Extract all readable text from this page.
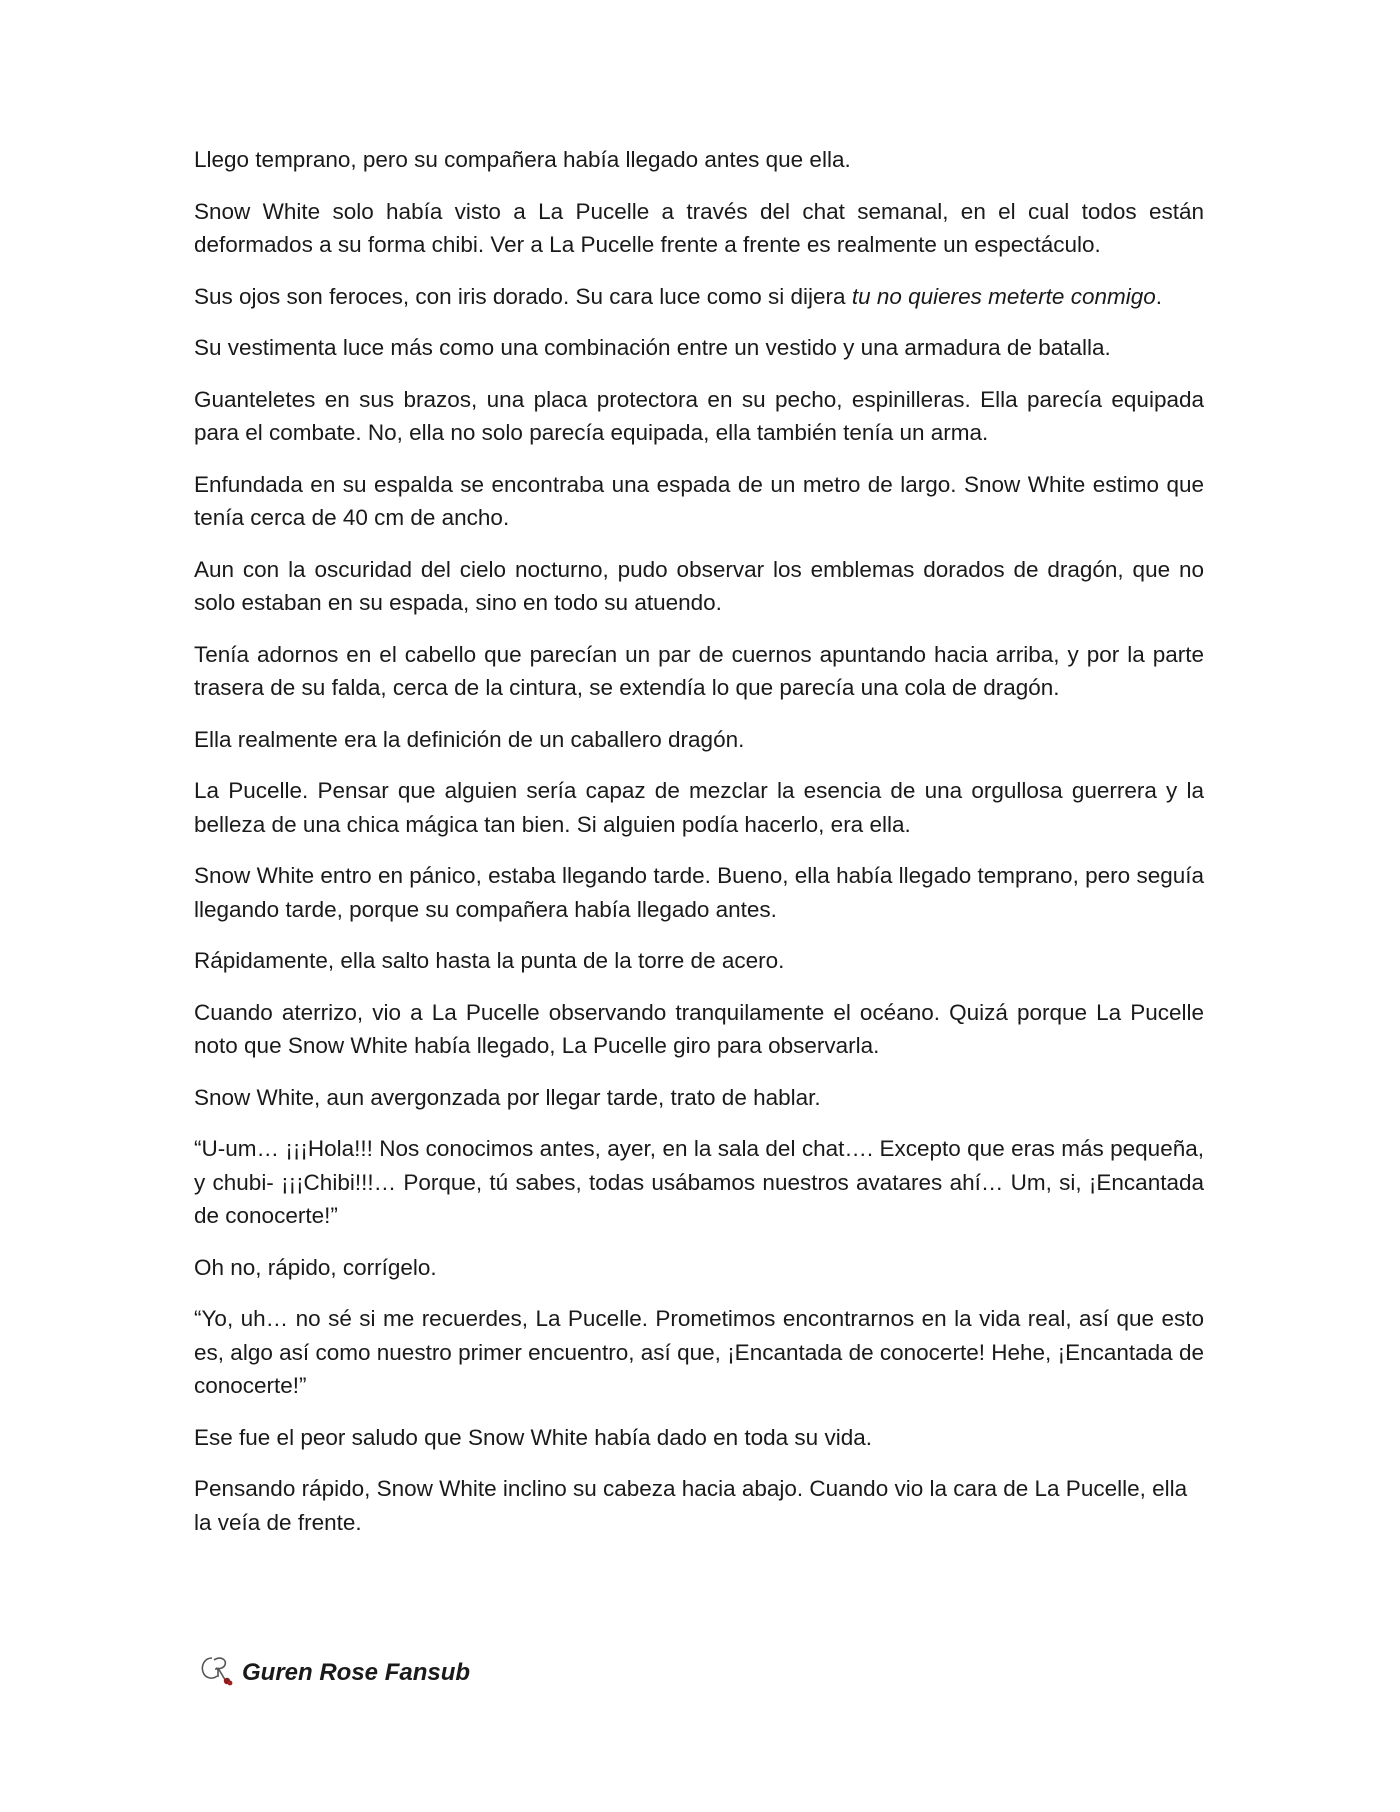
Llego temprano, pero su compañera había llegado antes que ella.

Snow White solo había visto a La Pucelle a través del chat semanal, en el cual todos están deformados a su forma chibi. Ver a La Pucelle frente a frente es realmente un espectáculo.

Sus ojos son feroces, con iris dorado. Su cara luce como si dijera tu no quieres meterte conmigo.

Su vestimenta luce más como una combinación entre un vestido y una armadura de batalla.

Guanteletes en sus brazos, una placa protectora en su pecho, espinilleras. Ella parecía equipada para el combate. No, ella no solo parecía equipada, ella también tenía un arma.

Enfundada en su espalda se encontraba una espada de un metro de largo. Snow White estimo que tenía cerca de 40 cm de ancho.

Aun con la oscuridad del cielo nocturno, pudo observar los emblemas dorados de dragón, que no solo estaban en su espada, sino en todo su atuendo.

Tenía adornos en el cabello que parecían un par de cuernos apuntando hacia arriba, y por la parte trasera de su falda, cerca de la cintura, se extendía lo que parecía una cola de dragón.

Ella realmente era la definición de un caballero dragón.

La Pucelle. Pensar que alguien sería capaz de mezclar la esencia de una orgullosa guerrera y la belleza de una chica mágica tan bien. Si alguien podía hacerlo, era ella.

Snow White entro en pánico, estaba llegando tarde. Bueno, ella había llegado temprano, pero seguía llegando tarde, porque su compañera había llegado antes.

Rápidamente, ella salto hasta la punta de la torre de acero.

Cuando aterrizo, vio a La Pucelle observando tranquilamente el océano. Quizá porque La Pucelle noto que Snow White había llegado, La Pucelle giro para observarla.

Snow White, aun avergonzada por llegar tarde, trato de hablar.

“U-um… ¡¡¡Hola!!! Nos conocimos antes, ayer, en la sala del chat…. Excepto que eras más pequeña, y chubi- ¡¡¡Chibi!!!… Porque, tú sabes, todas usábamos nuestros avatares ahí… Um, si, ¡Encantada de conocerte!”

Oh no, rápido, corrígelo.

“Yo, uh… no sé si me recuerdes, La Pucelle. Prometimos encontrarnos en la vida real, así que esto es, algo así como nuestro primer encuentro, así que, ¡Encantada de conocerte! Hehe, ¡Encantada de conocerte!”

Ese fue el peor saludo que Snow White había dado en toda su vida.

Pensando rápido, Snow White inclino su cabeza hacia abajo. Cuando vio la cara de La Pucelle, ella la veía de frente.

Guren Rose Fansub
